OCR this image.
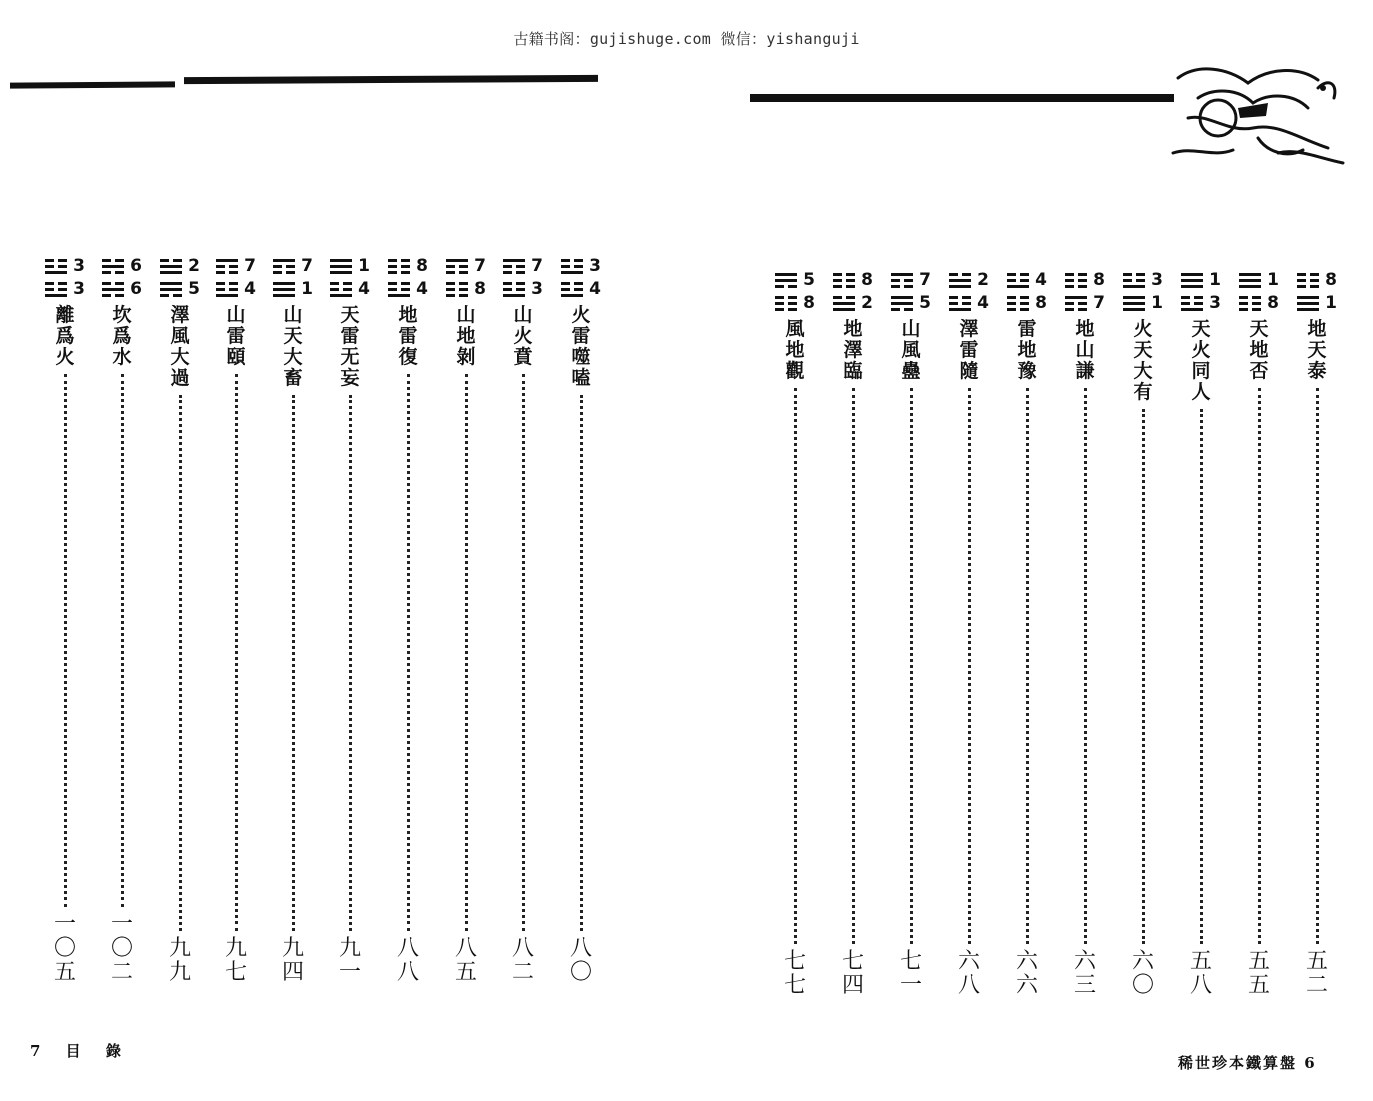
古籍书阁：gujishuge.com 微信：yishanguji
3
3
離
爲
火
一
〇
五
6
6
坎
爲
水
一
〇
二
2
5
澤
風
大
過
九
九
7
4
山
雷
頤
九
七
7
1
山
天
大
畜
九
四
1
4
天
雷
无
妄
九
一
8
4
地
雷
復
八
八
7
8
山
地
剝
八
五
7
3
山
火
賁
八
二
3
4
火
雷
噬
嗑
八
〇
5
8
風
地
觀
七
七
8
2
地
澤
臨
七
四
7
5
山
風
蠱
七
一
2
4
澤
雷
隨
六
八
4
8
雷
地
豫
六
六
8
7
地
山
謙
六
三
3
1
火
天
大
有
六
〇
1
3
天
火
同
人
五
八
1
8
天
地
否
五
五
8
1
地
天
泰
五
二
7 目 錄
稀世珍本鐵算盤 6
